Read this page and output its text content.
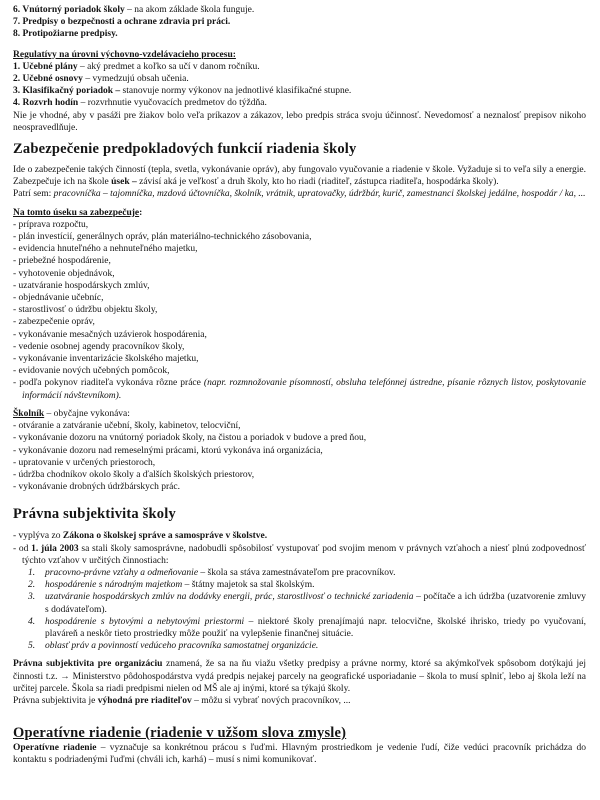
6. Vnútorný poriadok školy – na akom základe škola funguje.
7. Predpisy o bezpečnosti a ochrane zdravia pri práci.
8. Protipožiarne predpisy.
Regulatívy na úrovni výchovno-vzdelávacieho procesu:
1. Učebné plány – aký predmet a koľko sa učí v danom ročníku.
2. Učebné osnovy – vymedzujú obsah učenia.
3. Klasifikačný poriadok – stanovuje normy výkonov na jednotlivé klasifikačné stupne.
4. Rozvrh hodín – rozvrhnutie vyučovacích predmetov do týždňa.
Nie je vhodné, aby v pasáži pre žiakov bolo veľa príkazov a zákazov, lebo predpis stráca svoju účinnosť. Nevedomosť a neznalosť prepisov nikoho neospravedlňuje.
Zabezpečenie predpokladových funkcií riadenia školy
Ide o zabezpečenie takých činností (tepla, svetla, vykonávanie opráv), aby fungovalo vyučovanie a riadenie v škole. Vyžaduje si to veľa sily a energie. Zabezpečuje ich na škole úsek – závisí aká je veľkosť a druh školy, kto ho riadi (riaditeľ, zástupca riaditeľa, hospodárka školy).
Patrí sem: pracovníčka – tajomníčka, mzdová účtovníčka, školník, vrátnik, upratovačky, údržbár, kurič, zamestnanci školskej jedálne, hospodár / ka, ...
Na tomto úseku sa zabezpečuje:
- príprava rozpočtu,
- plán investícií, generálnych opráv, plán materiálno-technického zásobovania,
- evidencia hnuteľného a nehnuteľného majetku,
- priebežné hospodárenie,
- vyhotovenie objednávok,
- uzatváranie hospodárskych zmlúv,
- objednávanie učebníc,
- starostlivosť o údržbu objektu školy,
- zabezpečenie opráv,
- vykonávanie mesačných uzávierok hospodárenia,
- vedenie osobnej agendy pracovníkov školy,
- vykonávanie inventarizácie školského majetku,
- evidovanie nových učebných pomôcok,
- podľa pokynov riaditeľa vykonáva rôzne práce (napr. rozmnožovanie písomností, obsluha telefónnej ústredne, písanie rôznych listov, poskytovanie informácií návštevníkom).
Školník – obyčajne vykonáva:
- otváranie a zatváranie učební, školy, kabinetov, telocviční,
- vykonávanie dozoru na vnútorný poriadok školy, na čistou a poriadok v budove a pred ňou,
- vykonávanie dozoru nad remeselnými prácami, ktorú vykonáva iná organizácia,
- upratovanie v určených priestoroch,
- údržba chodníkov okolo školy a ďalších školských priestorov,
- vykonávanie drobných údržbárskych prác.
Právna subjektivita školy
- vyplýva zo Zákona o školskej správe a samospráve v školstve.
- od 1. júla 2003 sa stali školy samosprávne, nadobudli spôsobilosť vystupovať pod svojim menom v právnych vzťahoch a niesť plnú zodpovednosť týchto vzťahov v určitých činnostiach:
1. pracovno-právne vzťahy a odmeňovanie – škola sa stáva zamestnávateľom pre pracovníkov.
2. hospodárenie s národným majetkom – štátny majetok sa stal školským.
3. uzatváranie hospodárskych zmlúv na dodávky energii, prác, starostlivosť o technické zariadenia – počítače a ich údržba (uzatvorenie zmluvy s dodávateľom).
4. hospodárenie s bytovými a nebytovými priestormi – niektoré školy prenajímajú napr. telocvične, školské ihrisko, triedy po vyučovaní, plaváreň a neskôr tieto prostriedky môže použiť na vylepšenie finančnej situácie.
5. oblasť práv a povinností vedúceho pracovníka samostatnej organizácie.
Právna subjektivita pre organizáciu znamená, že sa na ňu viažu všetky predpisy a právne normy, ktoré sa akýmkoľvek spôsobom dotýkajú jej činnosti t.z. → Ministerstvo pôdohospodárstva vydá predpis nejakej parcely na geografické usporiadanie – škola to musí splniť, lebo aj škola leží na určitej parcele. Škola sa riadi predpismi nielen od MŠ ale aj inými, ktoré sa týkajú školy.
Právna subjektivita je výhodná pre riaditeľov – môžu si vybrať nových pracovníkov, ...
Operatívne riadenie (riadenie v užšom slova zmysle)
Operatívne riadenie – vyznačuje sa konkrétnou prácou s ľuďmi. Hlavným prostriedkom je vedenie ľudí, čiže vedúci pracovník prichádza do kontaktu s podriadenými ľuďmi (chváli ich, karhá) – musí s nimi komunikovať.
